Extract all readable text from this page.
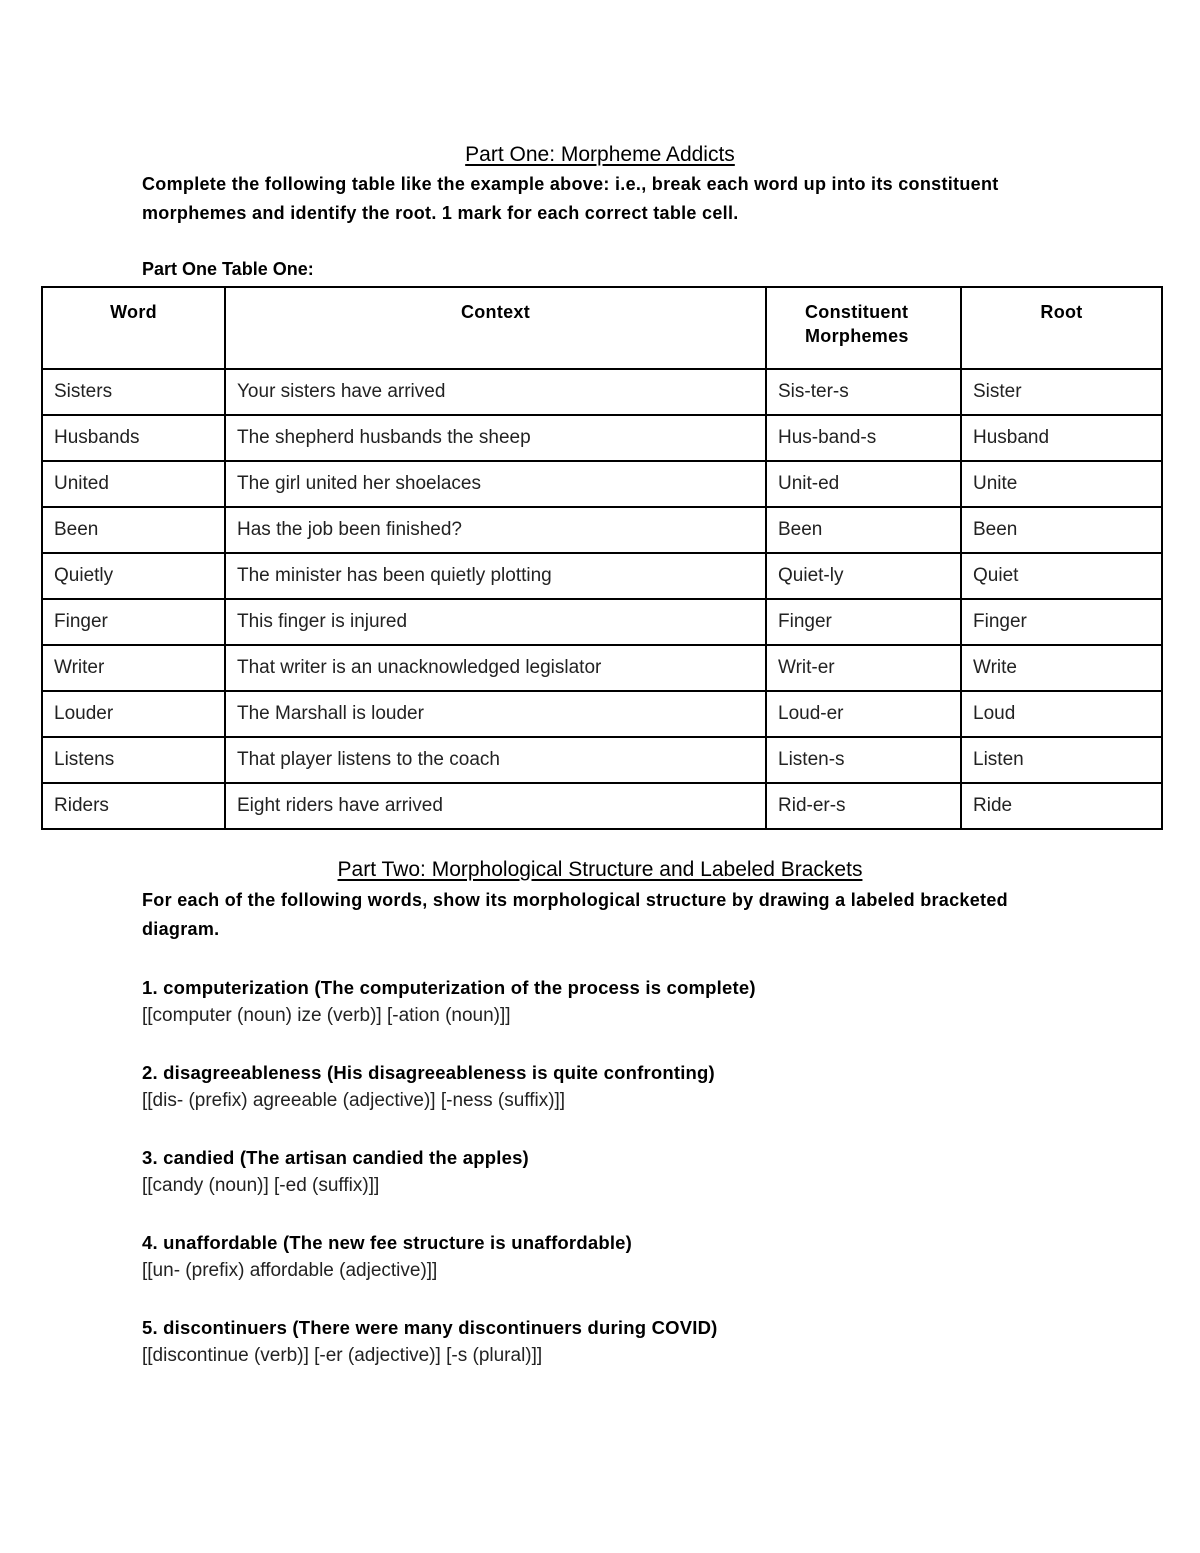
Part One: Morpheme Addicts
Complete the following table like the example above: i.e., break each word up into its constituent morphemes and identify the root. 1 mark for each correct table cell.
Part One Table One:
Word	Context	Constituent Morphemes	Root
Sisters	Your sisters have arrived	Sis-ter-s	Sister
Husbands	The shepherd husbands the sheep	Hus-band-s	Husband
United	The girl united her shoelaces	Unit-ed	Unite
Been	Has the job been finished?	Been	Been
Quietly	The minister has been quietly plotting	Quiet-ly	Quiet
Finger	This finger is injured	Finger	Finger
Writer	That writer is an unacknowledged legislator	Writ-er	Write
Louder	The Marshall is louder	Loud-er	Loud
Listens	That player listens to the coach	Listen-s	Listen
Riders	Eight riders have arrived	Rid-er-s	Ride
Part Two: Morphological Structure and Labeled Brackets
For each of the following words, show its morphological structure by drawing a labeled bracketed diagram.
1. computerization (The computerization of the process is complete)
[[computer (noun) ize (verb)] [-ation (noun)]]
2. disagreeableness (His disagreeableness is quite confronting)
[[dis- (prefix) agreeable (adjective)] [-ness (suffix)]]
3. candied (The artisan candied the apples)
[[candy (noun)] [-ed (suffix)]]
4. unaffordable (The new fee structure is unaffordable)
[[un- (prefix) affordable (adjective)]]
5. discontinuers (There were many discontinuers during COVID)
[[discontinue (verb)] [-er (adjective)] [-s (plural)]]
